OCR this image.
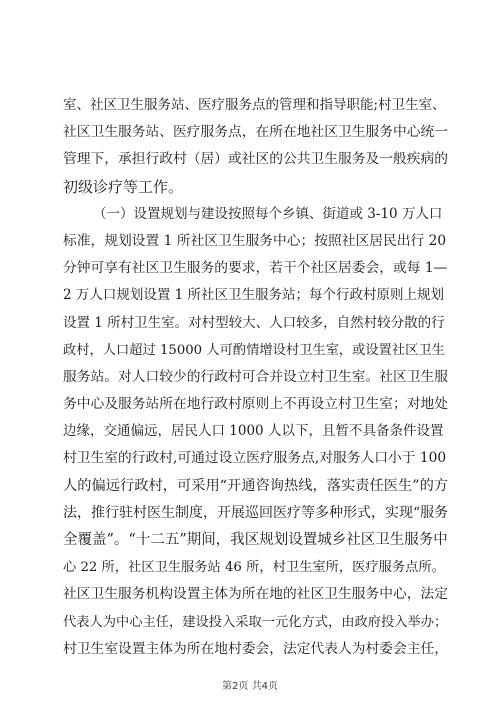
室、社区卫生服务站、医疗服务点的管理和指导职能;村卫生室、
社区卫生服务站、医疗服务点，在所在地社区卫生服务中心统一
管理下，承担行政村（居）或社区的公共卫生服务及一般疾病的
初级诊疗等工作。
（一）设置规划与建设按照每个乡镇、街道或 3-10 万人口
标准，规划设置 1 所社区卫生服务中心；按照社区居民出行 20
分钟可享有社区卫生服务的要求，若干个社区居委会，或每 1—
2 万人口规划设置 1 所社区卫生服务站；每个行政村原则上规划
设置 1 所村卫生室。对村型较大、人口较多，自然村较分散的行
政村，人口超过 15000 人可酌情增设村卫生室，或设置社区卫生
服务站。对人口较少的行政村可合并设立村卫生室。社区卫生服
务中心及服务站所在地行政村原则上不再设立村卫生室；对地处
边缘，交通偏远，居民人口 1000 人以下，且暂不具备条件设置
村卫生室的行政村,可通过设立医疗服务点,对服务人口小于 100
人的偏远行政村，可采用“开通咨询热线，落实责任医生”的方
法，推行驻村医生制度，开展巡回医疗等多种形式，实现“服务
全覆盖”。“十二五”期间，我区规划设置城乡社区卫生服务中
心 22 所，社区卫生服务站 46 所，村卫生室所，医疗服务点所。
社区卫生服务机构设置主体为所在地的社区卫生服务中心，法定
代表人为中心主任，建设投入采取一元化方式，由政府投入举办；
村卫生室设置主体为所在地村委会，法定代表人为村委会主任，
第2页 共4页
